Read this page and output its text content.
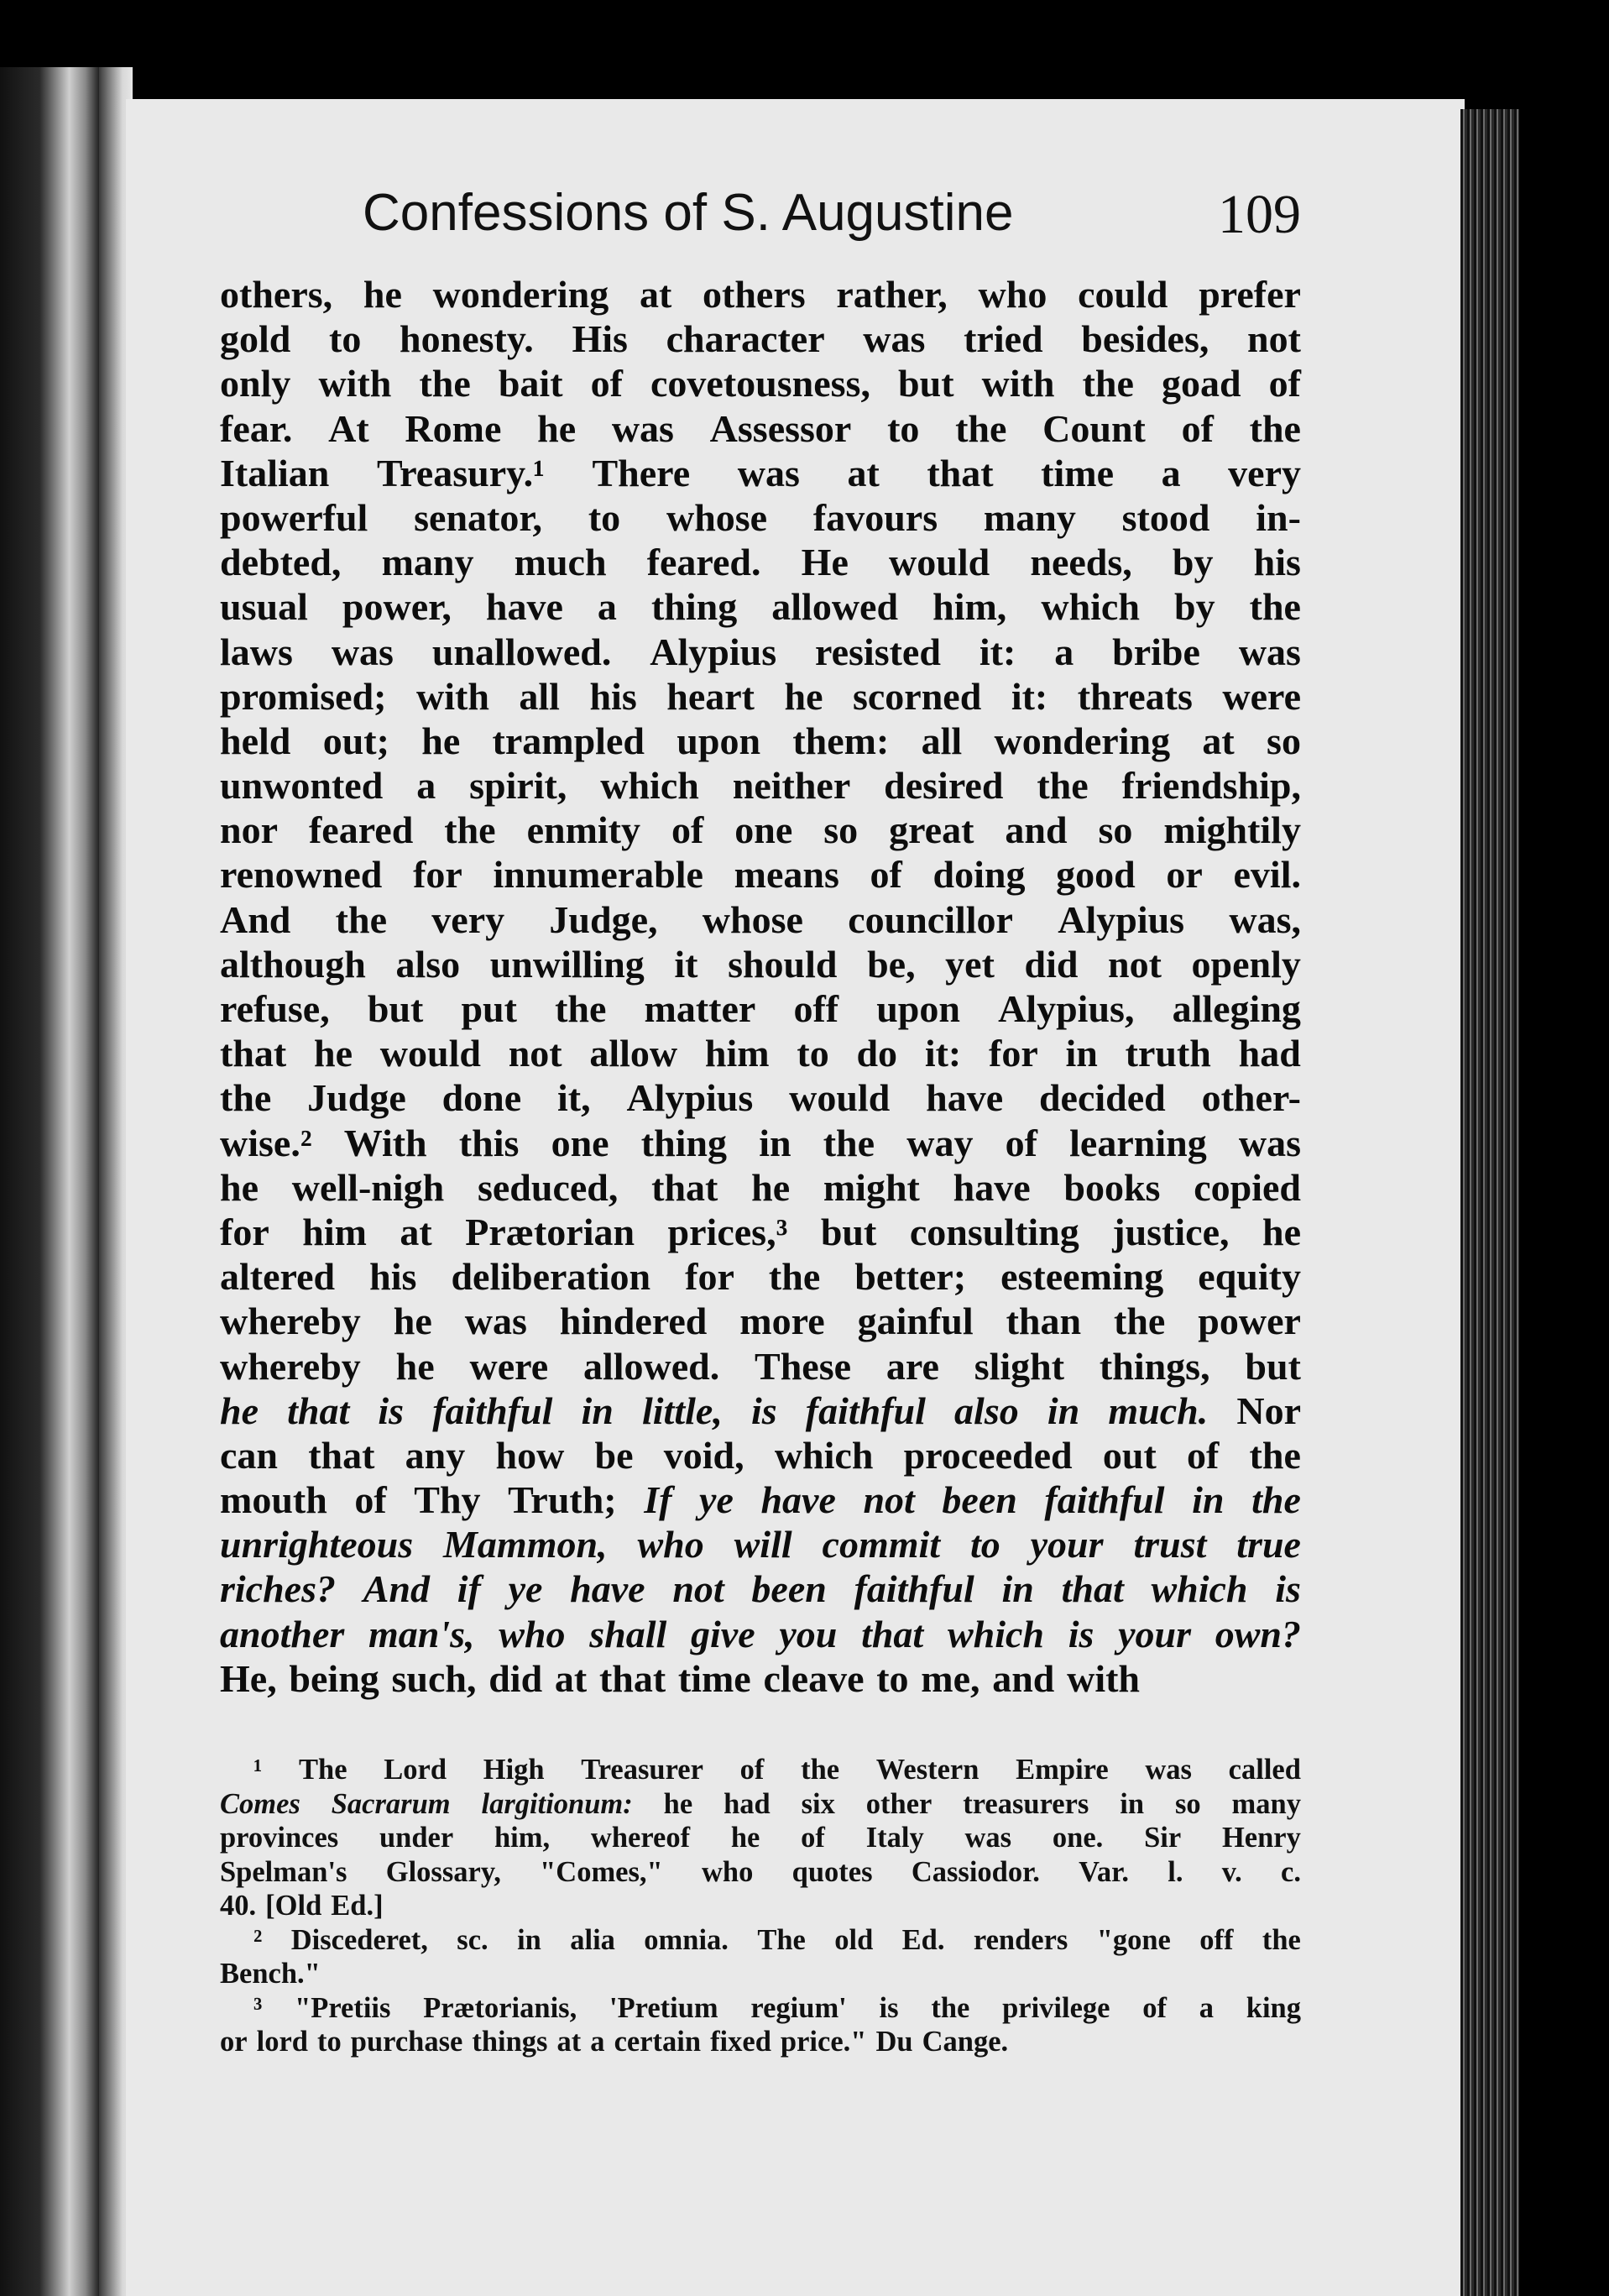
Confessions of S. Augustine	109
others, he wondering at others rather, who could prefer
gold to honesty. His character was tried besides, not
only with the bait of covetousness, but with the goad of
fear. At Rome he was Assessor to the Count of the
Italian Treasury.¹ There was at that time a very
powerful senator, to whose favours many stood in-
debted, many much feared. He would needs, by his
usual power, have a thing allowed him, which by the
laws was unallowed. Alypius resisted it: a bribe was
promised; with all his heart he scorned it: threats were
held out; he trampled upon them: all wondering at so
unwonted a spirit, which neither desired the friendship,
nor feared the enmity of one so great and so mightily
renowned for innumerable means of doing good or evil.
And the very Judge, whose councillor Alypius was,
although also unwilling it should be, yet did not openly
refuse, but put the matter off upon Alypius, alleging
that he would not allow him to do it: for in truth had
the Judge done it, Alypius would have decided other-
wise.² With this one thing in the way of learning was
he well-nigh seduced, that he might have books copied
for him at Prætorian prices,³ but consulting justice, he
altered his deliberation for the better; esteeming equity
whereby he was hindered more gainful than the power
whereby he were allowed. These are slight things, but
he that is faithful in little, is faithful also in much. Nor
can that any how be void, which proceeded out of the
mouth of Thy Truth; If ye have not been faithful in the
unrighteous Mammon, who will commit to your trust true
riches? And if ye have not been faithful in that which is
another man's, who shall give you that which is your own?
He, being such, did at that time cleave to me, and with
¹ The Lord High Treasurer of the Western Empire was called
Comes Sacrarum largitionum: he had six other treasurers in so many
provinces under him, whereof he of Italy was one. Sir Henry
Spelman's Glossary, "Comes," who quotes Cassiodor. Var. l. v. c.
40. [Old Ed.]
² Discederet, sc. in alia omnia. The old Ed. renders "gone off the
Bench."
³ "Pretiis Prætorianis, 'Pretium regium' is the privilege of a king
or lord to purchase things at a certain fixed price." Du Cange.
